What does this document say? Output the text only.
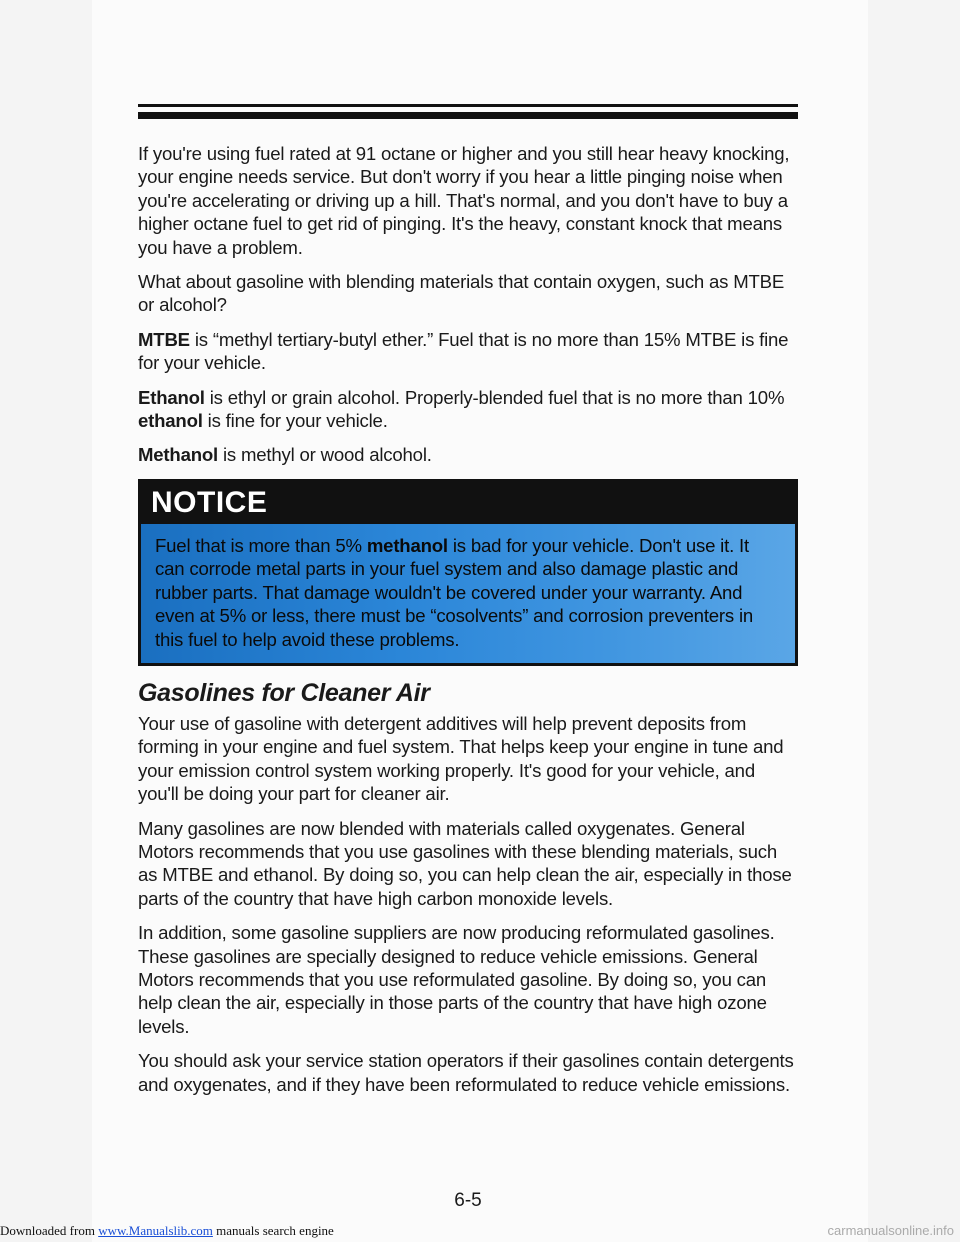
If you're using fuel rated at 91 octane or higher and you still hear heavy knocking, your engine needs service. But don't worry if you hear a little pinging noise when you're accelerating or driving up a hill. That's normal, and you don't have to buy a higher octane fuel to get rid of pinging. It's the heavy, constant knock that means you have a problem.

What about gasoline with blending materials that contain oxygen, such as MTBE or alcohol?

MTBE is “methyl tertiary-butyl ether.” Fuel that is no more than 15% MTBE is fine for your vehicle.

Ethanol is ethyl or grain alcohol. Properly-blended fuel that is no more than 10% ethanol is fine for your vehicle.

Methanol is methyl or wood alcohol.

NOTICE
Fuel that is more than 5% methanol is bad for your vehicle. Don't use it. It can corrode metal parts in your fuel system and also damage plastic and rubber parts. That damage wouldn't be covered under your warranty. And even at 5% or less, there must be “cosolvents” and corrosion preventers in this fuel to help avoid these problems.
Gasolines for Cleaner Air

Your use of gasoline with detergent additives will help prevent deposits from forming in your engine and fuel system. That helps keep your engine in tune and your emission control system working properly. It's good for your vehicle, and you'll be doing your part for cleaner air.

Many gasolines are now blended with materials called oxygenates. General Motors recommends that you use gasolines with these blending materials, such as MTBE and ethanol. By doing so, you can help clean the air, especially in those parts of the country that have high carbon monoxide levels.

In addition, some gasoline suppliers are now producing reformulated gasolines. These gasolines are specially designed to reduce vehicle emissions. General Motors recommends that you use reformulated gasoline. By doing so, you can help clean the air, especially in those parts of the country that have high ozone levels.

You should ask your service station operators if their gasolines contain detergents and oxygenates, and if they have been reformulated to reduce vehicle emissions.

6-5
Downloaded from www.Manualslib.com manuals search engine	carmanualsonline.info
